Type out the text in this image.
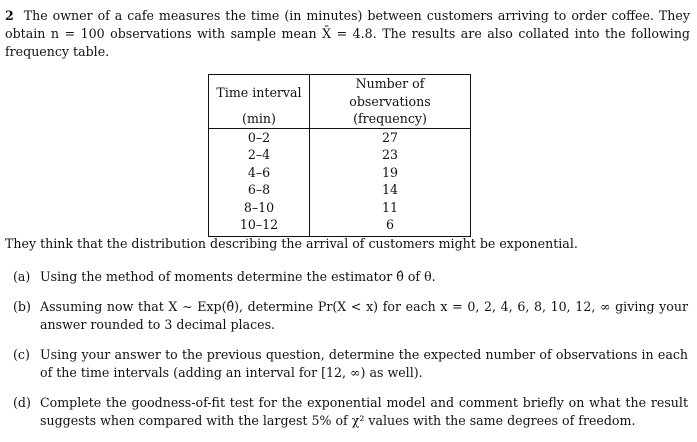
2 The owner of a cafe measures the time (in minutes) between customers arriving to order coffee. They obtain n = 100 observations with sample mean X̄ = 4.8. The results are also collated into the following frequency table.
Time interval	Number of observations
(min)	(frequency)
0–2	27
2–4	23
4–6	19
6–8	14
8–10	11
10–12	6
They think that the distribution describing the arrival of customers might be exponential.
(a) Using the method of moments determine the estimator θ̂ of θ.
(b) Assuming now that X ∼ Exp(θ̂), determine Pr(X < x) for each x = 0, 2, 4, 6, 8, 10, 12, ∞ giving your answer rounded to 3 decimal places.
(c) Using your answer to the previous question, determine the expected number of observations in each of the time intervals (adding an interval for [12, ∞) as well).
(d) Complete the goodness-of-fit test for the exponential model and comment briefly on what the result suggests when compared with the largest 5% of χ² values with the same degrees of freedom.
